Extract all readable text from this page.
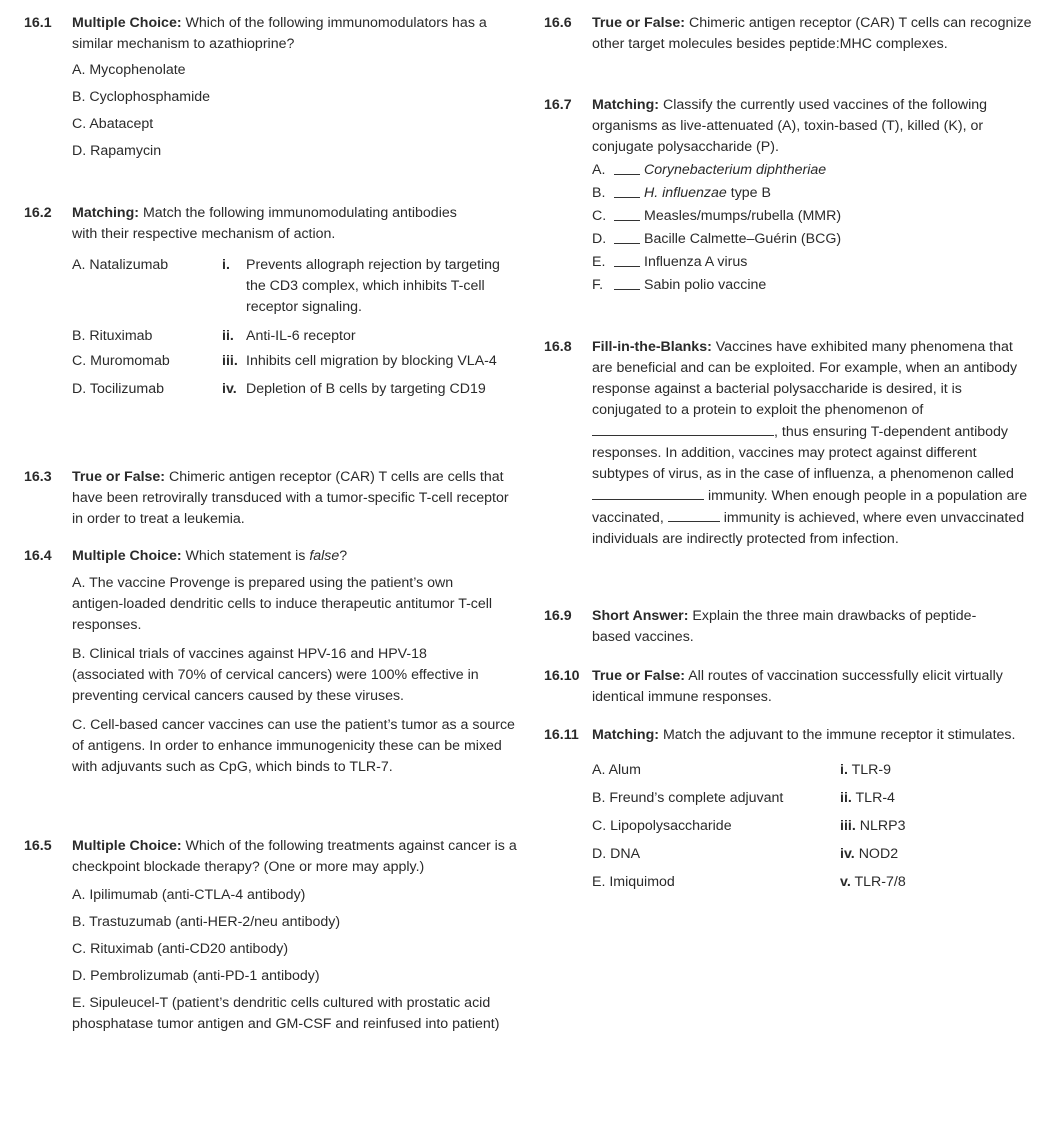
16.1	Multiple Choice: Which of the following immunomodulators has a similar mechanism to azathioprine?
A. Mycophenolate
B. Cyclophosphamide
C. Abatacept
D. Rapamycin
16.2	Matching: Match the following immunomodulating antibodies with their respective mechanism of action.
A. Natalizumab	i.	Prevents allograph rejection by targeting the CD3 complex, which inhibits T-cell receptor signaling.
B. Rituximab	ii. Anti-IL-6 receptor
C. Muromomab	iii. Inhibits cell migration by blocking VLA-4
D. Tocilizumab	iv. Depletion of B cells by targeting CD19
16.3	True or False: Chimeric antigen receptor (CAR) T cells are cells that have been retrovirally transduced with a tumor-specific T-cell receptor in order to treat a leukemia.
16.4	Multiple Choice: Which statement is false?
A. The vaccine Provenge is prepared using the patient’s own antigen-loaded dendritic cells to induce therapeutic antitumor T-cell responses.
B. Clinical trials of vaccines against HPV-16 and HPV-18 (associated with 70% of cervical cancers) were 100% effective in preventing cervical cancers caused by these viruses.
C. Cell-based cancer vaccines can use the patient’s tumor as a source of antigens. In order to enhance immunogenicity these can be mixed with adjuvants such as CpG, which binds to TLR-7.
16.5	Multiple Choice: Which of the following treatments against cancer is a checkpoint blockade therapy? (One or more may apply.)
A. Ipilimumab (anti-CTLA-4 antibody)
B. Trastuzumab (anti-HER-2/neu antibody)
C. Rituximab (anti-CD20 antibody)
D. Pembrolizumab (anti-PD-1 antibody)
E. Sipuleucel-T (patient’s dendritic cells cultured with prostatic acid phosphatase tumor antigen and GM-CSF and reinfused into patient)
16.6	True or False: Chimeric antigen receptor (CAR) T cells can recognize other target molecules besides peptide:MHC complexes.
16.7	Matching: Classify the currently used vaccines of the following organisms as live-attenuated (A), toxin-based (T), killed (K), or conjugate polysaccharide (P).
A.	Corynebacterium diphtheriae
B.	H. influenzae type B
C.	Measles/mumps/rubella (MMR)
D.	Bacille Calmette–Guérin (BCG)
E.	Influenza A virus
F.	Sabin polio vaccine
16.8	Fill-in-the-Blanks: Vaccines have exhibited many phenomena that are beneficial and can be exploited. For example, when an antibody response against a bacterial polysaccharide is desired, it is conjugated to a protein to exploit the phenomenon of , thus ensuring T-dependent antibody responses. In addition, vaccines may protect against different subtypes of virus, as in the case of influenza, a phenomenon called  immunity. When enough people in a population are vaccinated,	immunity is achieved, where even unvaccinated individuals are indirectly protected from infection.
16.9	Short Answer: Explain the three main drawbacks of peptide-based vaccines.
16.10 True or False: All routes of vaccination successfully elicit virtually identical immune responses.
16.11 Matching: Match the adjuvant to the immune receptor it stimulates.
A. Alum	i. TLR-9
B. Freund’s complete adjuvant	ii. TLR-4
C. Lipopolysaccharide	iii. NLRP3
D. DNA	iv. NOD2
E. Imiquimod	v. TLR-7/8
